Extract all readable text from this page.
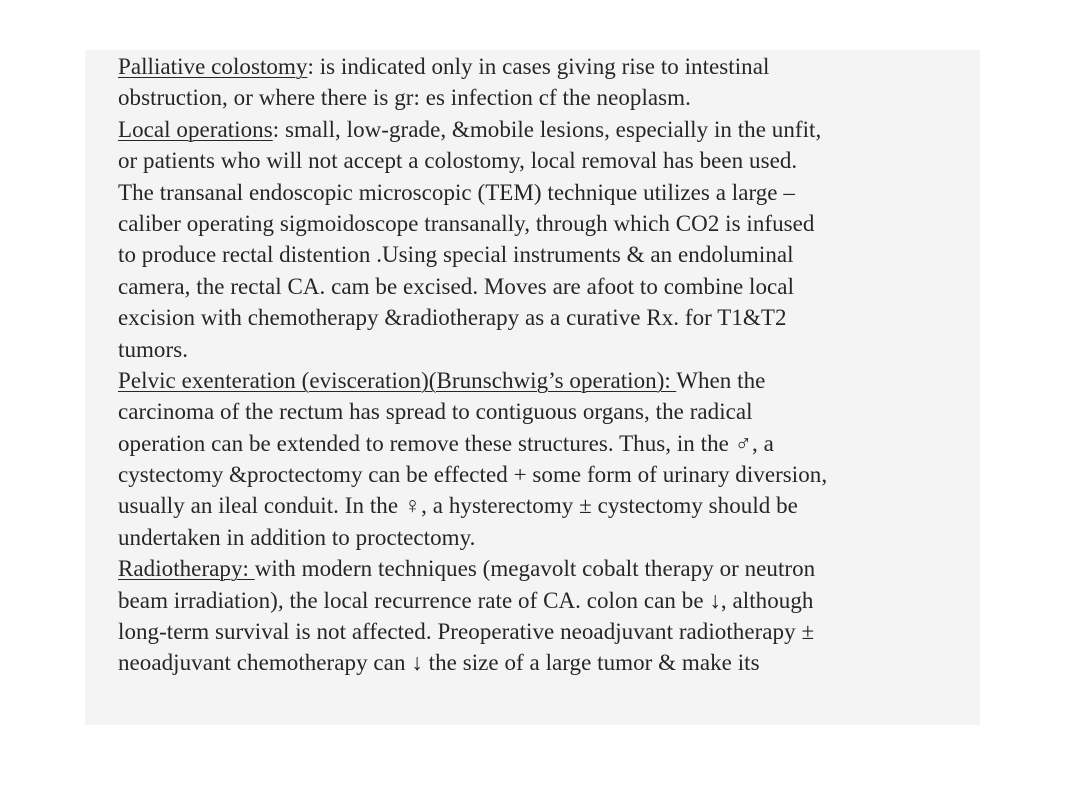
Palliative colostomy: is indicated only in cases giving rise to intestinal
obstruction, or where there is gr: es infection cf the neoplasm.
Local operations: small, low-grade, &mobile lesions, especially in the unfit,
or patients who will not accept a colostomy, local removal has been used.
The transanal endoscopic microscopic (TEM) technique utilizes a large –
caliber operating sigmoidoscope transanally, through which CO2 is infused
to produce rectal distention .Using special instruments & an endoluminal
camera, the rectal CA. cam be excised. Moves are afoot to combine local
excision with chemotherapy &radiotherapy as a curative Rx. for T1&T2
tumors.
Pelvic exenteration (evisceration)(Brunschwig’s operation): When the
carcinoma of the rectum has spread to contiguous organs, the radical
operation can be extended to remove these structures. Thus, in the ♂, a
cystectomy &proctectomy can be effected + some form of urinary diversion,
usually an ileal conduit. In the ♀, a hysterectomy ± cystectomy should be
undertaken in addition to proctectomy.
Radiotherapy: with modern techniques (megavolt cobalt therapy or neutron
beam irradiation), the local recurrence rate of CA. colon can be ↓, although
long-term survival is not affected. Preoperative neoadjuvant radiotherapy ±
neoadjuvant chemotherapy can ↓ the size of a large tumor & make its
